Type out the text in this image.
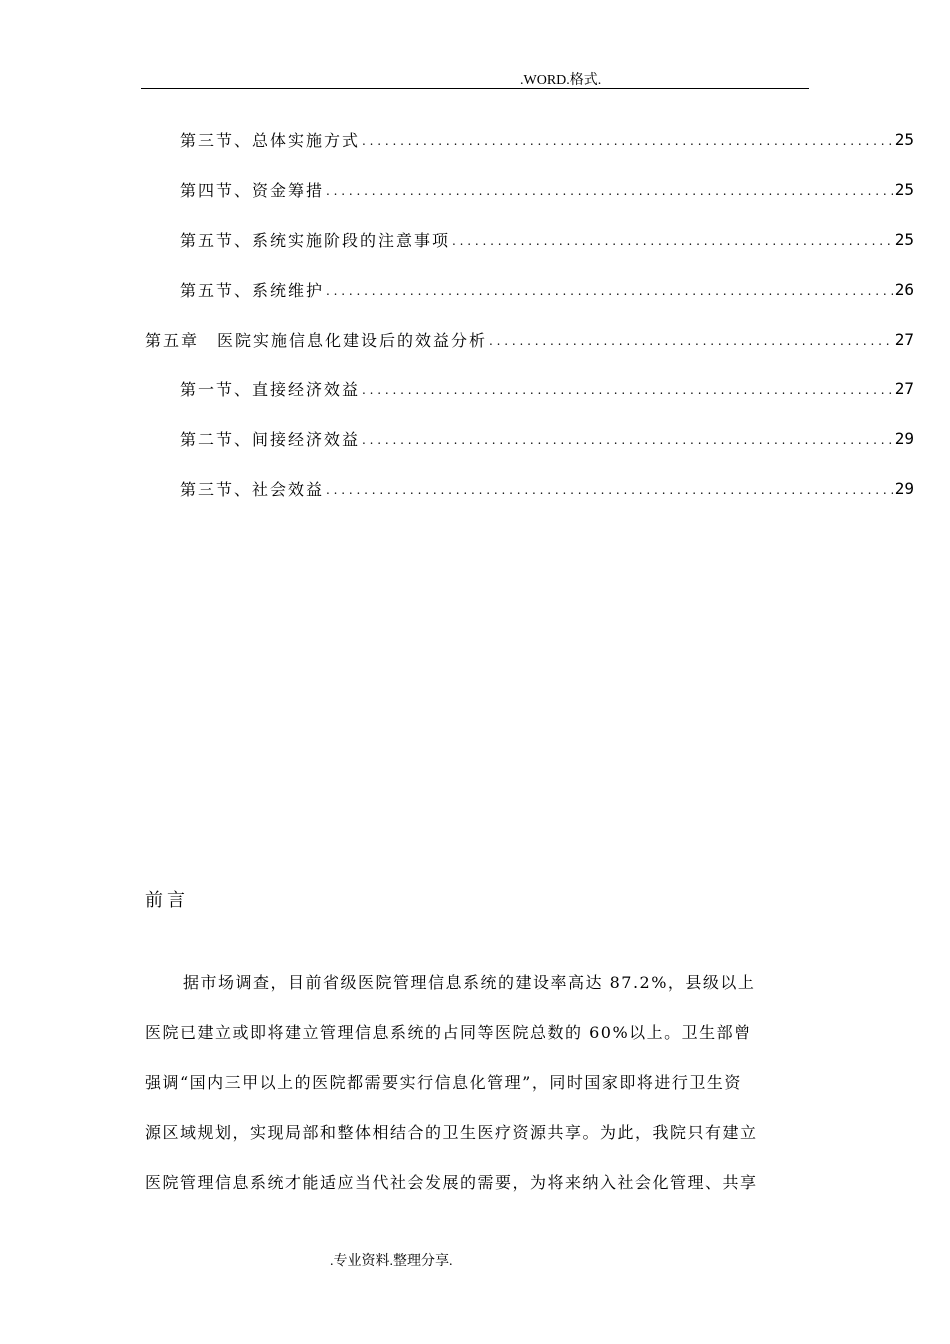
.WORD.格式.
第三节、总体实施方式 . . .	25
第四节、资金筹措 . . .	25
第五节、系统实施阶段的注意事项 . . .	25
第五节、系统维护 . . .	26
第五章　医院实施信息化建设后的效益分析 . . .	27
第一节、直接经济效益 . . .	27
第二节、间接经济效益 . . .	29
第三节、社会效益 . . .	29
前言
据市场调查，目前省级医院管理信息系统的建设率高达 87.2%，县级以上
医院已建立或即将建立管理信息系统的占同等医院总数的 60%以上。卫生部曾
强调“国内三甲以上的医院都需要实行信息化管理”，同时国家即将进行卫生资
源区域规划，实现局部和整体相结合的卫生医疗资源共享。为此，我院只有建立
医院管理信息系统才能适应当代社会发展的需要，为将来纳入社会化管理、共享
.专业资料.整理分享.
